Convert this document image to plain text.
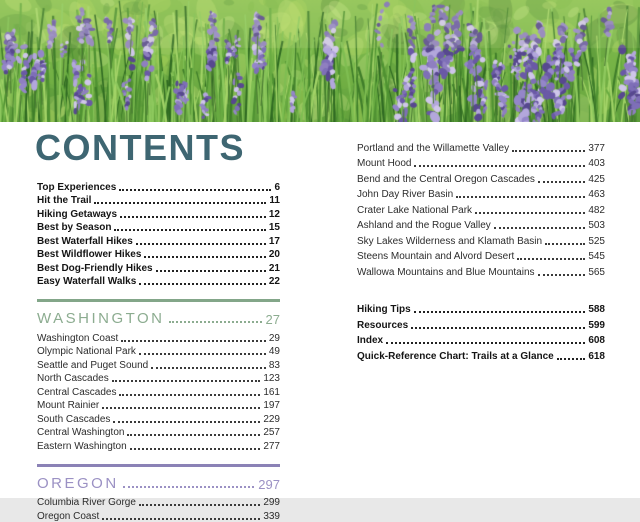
CONTENTS
Top Experiences	6
Hit the Trail	11
Hiking Getaways	12
Best by Season	15
Best Waterfall Hikes	17
Best Wildflower Hikes	20
Best Dog-Friendly Hikes	21
Easy Waterfall Walks	22
WASHINGTON	27
Washington Coast	29
Olympic National Park	49
Seattle and Puget Sound	83
North Cascades	123
Central Cascades	161
Mount Rainier	197
South Cascades	229
Central Washington	257
Eastern Washington	277
OREGON	297
Columbia River Gorge	299
Oregon Coast	339
Portland and the Willamette Valley	377
Mount Hood	403
Bend and the Central Oregon Cascades	425
John Day River Basin	463
Crater Lake National Park	482
Ashland and the Rogue Valley	503
Sky Lakes Wilderness and Klamath Basin	525
Steens Mountain and Alvord Desert	545
Wallowa Mountains and Blue Mountains	565
Hiking Tips	588
Resources	599
Index	608
Quick-Reference Chart: Trails at a Glance	618
